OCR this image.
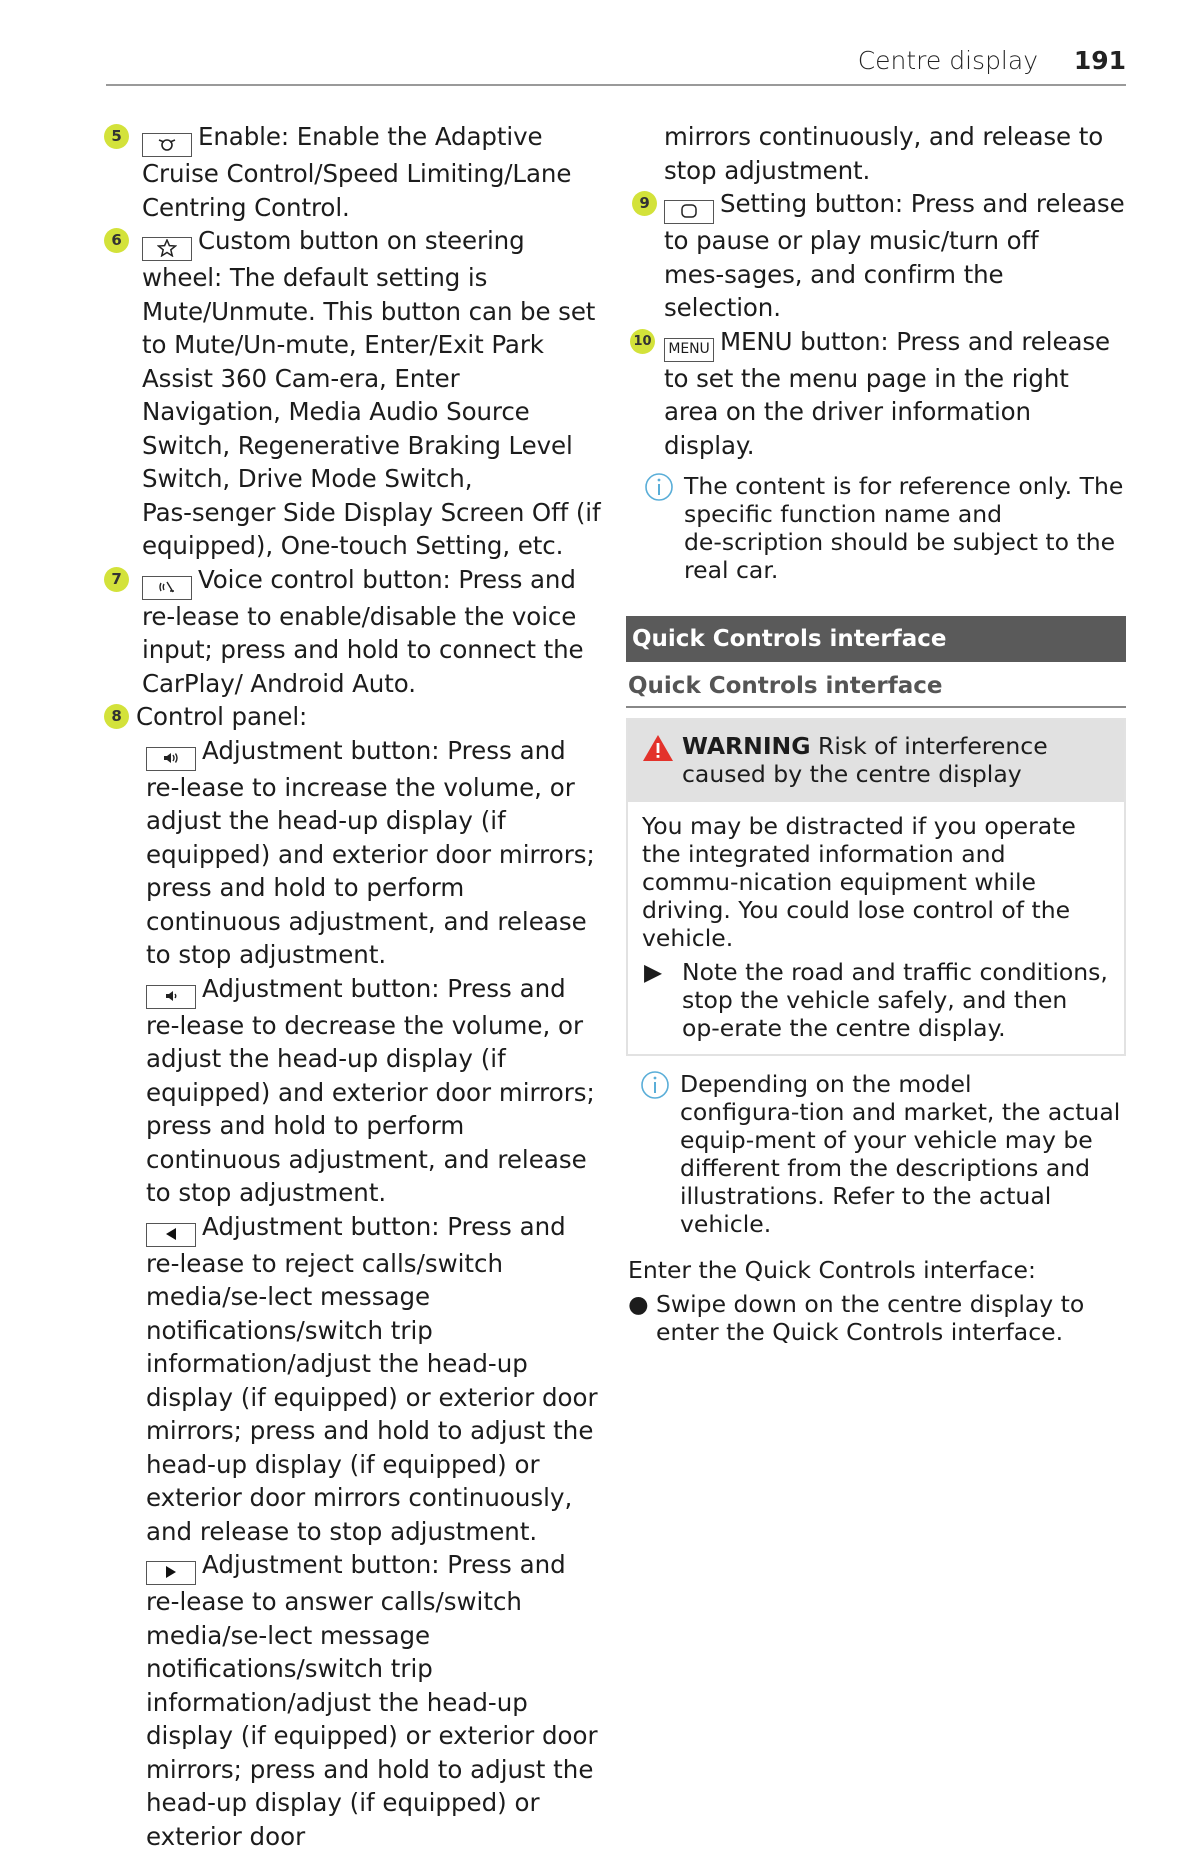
Centre display 191
5	Enable: Enable the Adaptive Cruise Control/Speed Limiting/Lane Centring Control.
6	Custom button on steering wheel: The default setting is Mute/Unmute. This button can be set to Mute/Un‑mute, Enter/Exit Park Assist 360 Cam‑era, Enter Navigation, Media Audio Source Switch, Regenerative Braking Level Switch, Drive Mode Switch, Pas‑senger Side Display Screen Off (if equipped), One‑touch Setting, etc.
7	Voice control button: Press and re‑lease to enable/disable the voice input; press and hold to connect the CarPlay/ Android Auto.
8 Control panel:
Adjustment button: Press and re‑lease to increase the volume, or adjust the head‑up display (if equipped) and exterior door mirrors; press and hold to perform continuous adjustment, and release to stop adjustment.
Adjustment button: Press and re‑lease to decrease the volume, or adjust the head‑up display (if equipped) and exterior door mirrors; press and hold to perform continuous adjustment, and release to stop adjustment.
Adjustment button: Press and re‑lease to reject calls/switch media/se‑lect message notifications/switch trip information/adjust the head‑up display (if equipped) or exterior door mirrors; press and hold to adjust the head‑up display (if equipped) or exterior door mirrors continuously, and release to stop adjustment.
Adjustment button: Press and re‑lease to answer calls/switch media/se‑lect message notifications/switch trip information/adjust the head‑up display (if equipped) or exterior door mirrors; press and hold to adjust the head‑up display (if equipped) or exterior door
mirrors continuously, and release to stop adjustment.
9	Setting button: Press and release to pause or play music/turn off mes‑sages, and confirm the selection.
10	MENU MENU button: Press and release to set the menu page in the right area on the driver information display.
The content is for reference only. The specific function name and de‑scription should be subject to the real car.
Quick Controls interface
Quick Controls interface
WARNING Risk of interference caused by the centre display
You may be distracted if you operate the integrated information and commu‑nication equipment while driving. You could lose control of the vehicle.
▶ Note the road and traffic conditions, stop the vehicle safely, and then op‑erate the centre display.
Depending on the model configura‑tion and market, the actual equip‑ment of your vehicle may be different from the descriptions and illustrations. Refer to the actual vehicle.
Enter the Quick Controls interface:
● Swipe down on the centre display to enter the Quick Controls interface.
